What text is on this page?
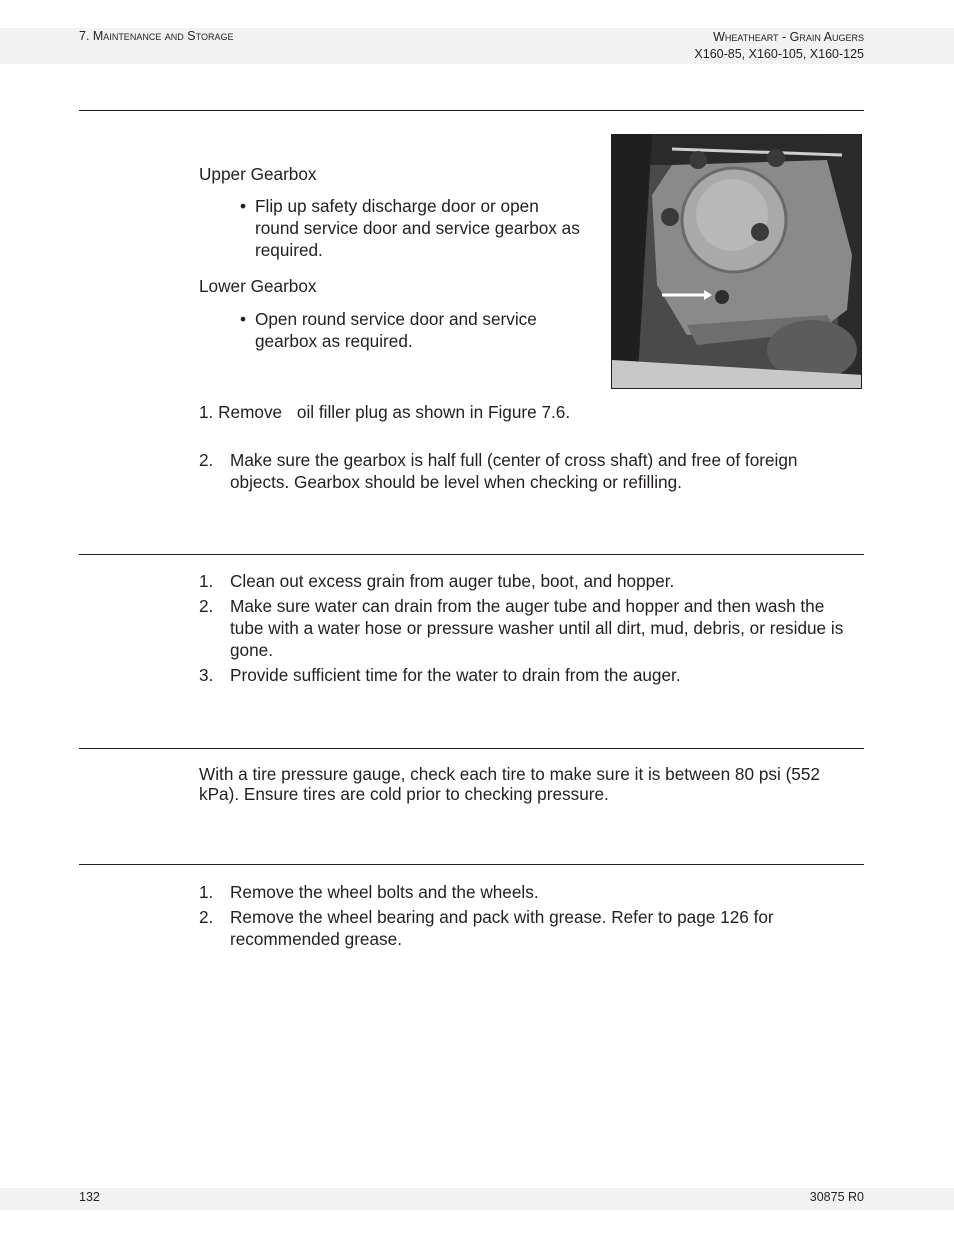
7. Maintenance and Storage	Wheatheart - Grain Augers
X160-85, X160-105, X160-125
Upper Gearbox
• Flip up safety discharge door or open round service door and service gearbox as required.
Lower Gearbox
• Open round service door and service gearbox as required.
1. Remove oil filler plug as shown in Figure 7.6.
2. Make sure the gearbox is half full (center of cross shaft) and free of foreign objects. Gearbox should be level when checking or refilling.
1. Clean out excess grain from auger tube, boot, and hopper.
2. Make sure water can drain from the auger tube and hopper and then wash the tube with a water hose or pressure washer until all dirt, mud, debris, or residue is gone.
3. Provide sufficient time for the water to drain from the auger.
With a tire pressure gauge, check each tire to make sure it is between 80 psi (552 kPa). Ensure tires are cold prior to checking pressure.
1. Remove the wheel bolts and the wheels.
2. Remove the wheel bearing and pack with grease. Refer to page 126 for recommended grease.
132	30875 R0
